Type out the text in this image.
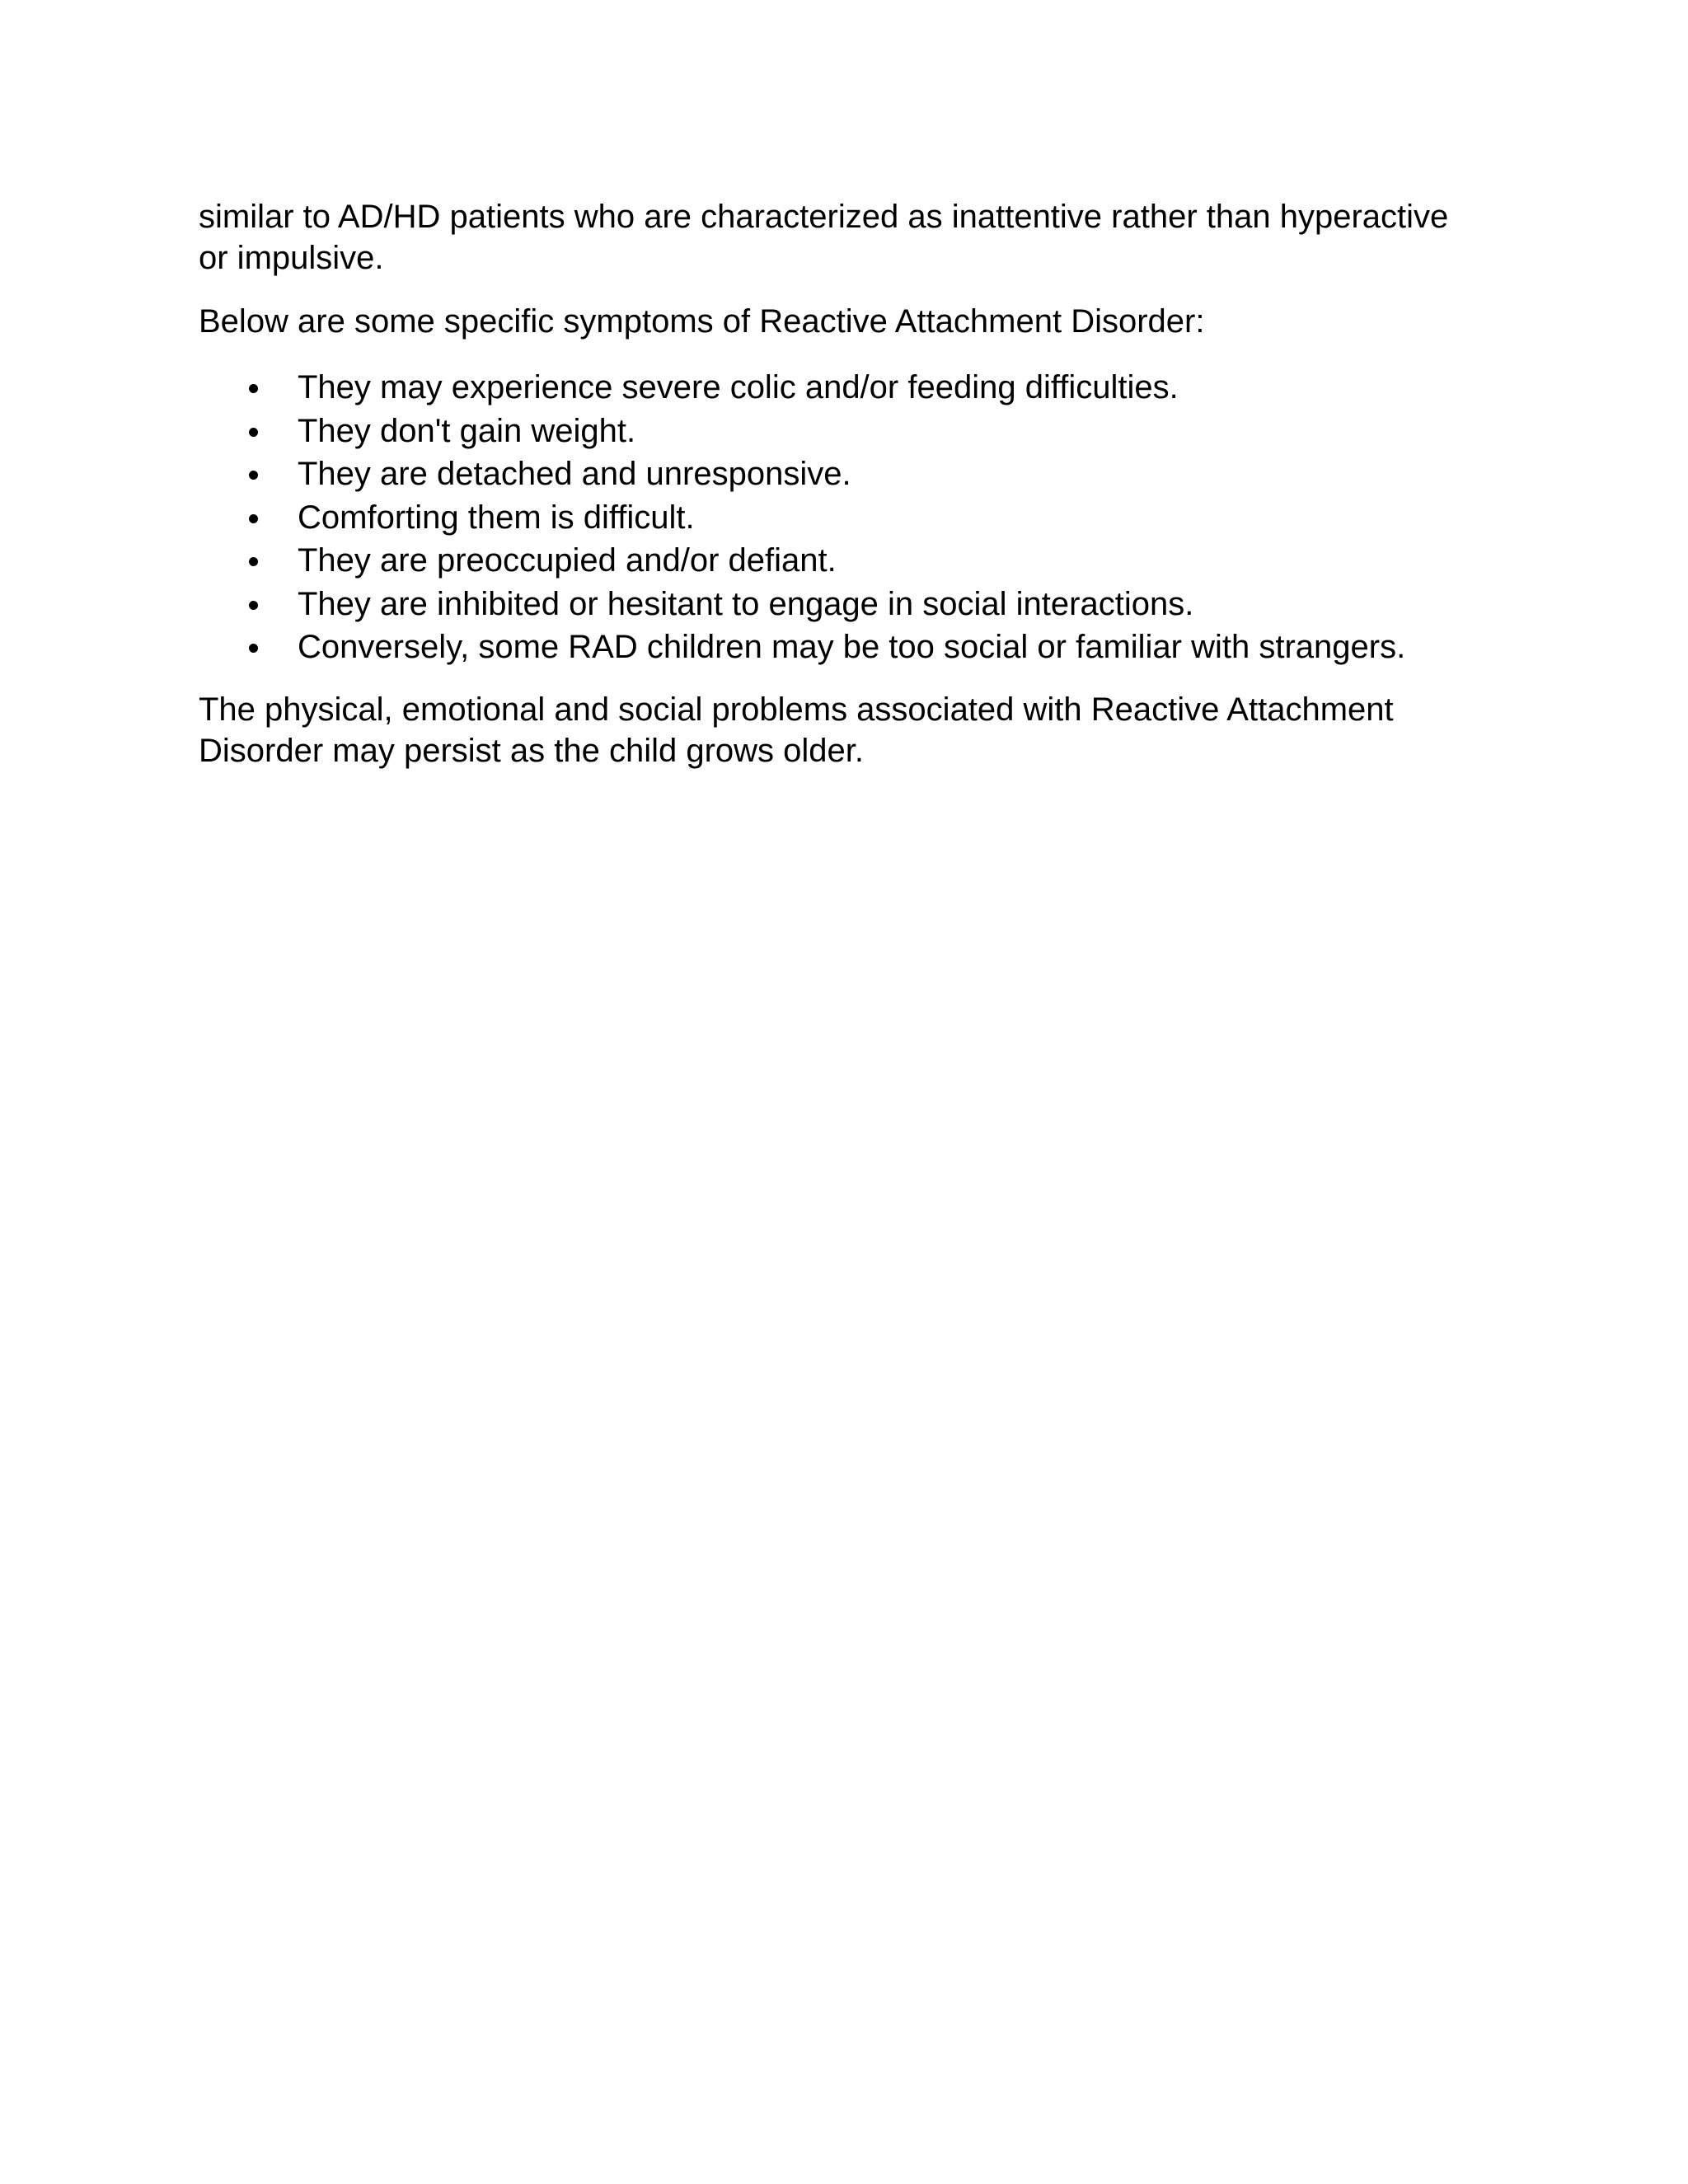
similar to AD/HD patients who are characterized as inattentive rather than hyperactive or impulsive.

Below are some specific symptoms of Reactive Attachment Disorder:

They may experience severe colic and/or feeding difficulties.
They don't gain weight.
They are detached and unresponsive.
Comforting them is difficult.
They are preoccupied and/or defiant.
They are inhibited or hesitant to engage in social interactions.
Conversely, some RAD children may be too social or familiar with strangers.

The physical, emotional and social problems associated with Reactive Attachment Disorder may persist as the child grows older.
